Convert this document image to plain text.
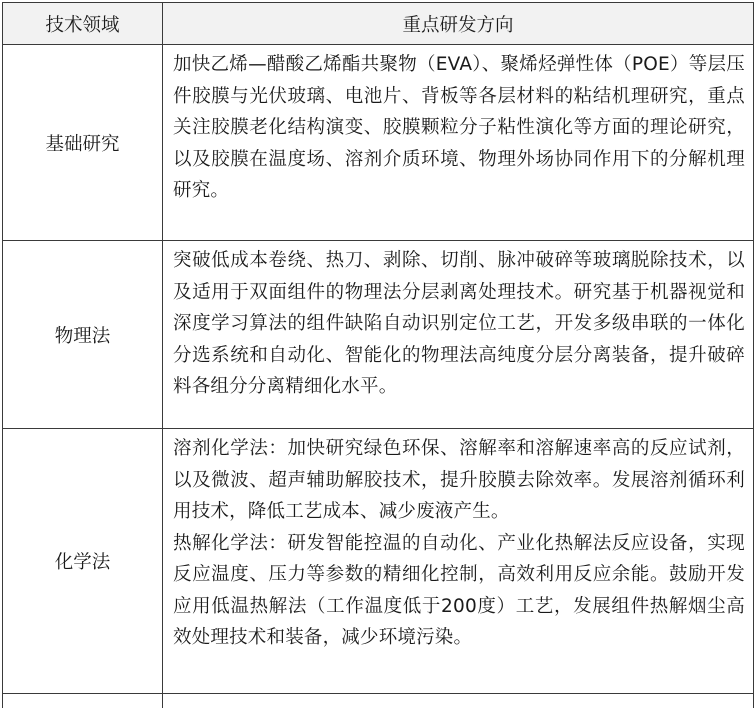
技术领域	重点研发方向
基础研究	加快乙烯—醋酸乙烯酯共聚物（EVA）、聚烯烃弹性体（POE）等层压件胶膜与光伏玻璃、电池片、背板等各层材料的粘结机理研究，重点关注胶膜老化结构演变、胶膜颗粒分子粘性演化等方面的理论研究，以及胶膜在温度场、溶剂介质环境、物理外场协同作用下的分解机理研究。

物理法	突破低成本卷绕、热刀、剥除、切削、脉冲破碎等玻璃脱除技术，以及适用于双面组件的物理法分层剥离处理技术。研究基于机器视觉和深度学习算法的组件缺陷自动识别定位工艺，开发多级串联的一体化分选系统和自动化、智能化的物理法高纯度分层分离装备，提升破碎料各组分分离精细化水平。

化学法	溶剂化学法：加快研究绿色环保、溶解率和溶解速率高的反应试剂，以及微波、超声辅助解胶技术，提升胶膜去除效率。发展溶剂循环利用技术，降低工艺成本、减少废液产生。

热解化学法：研发智能控温的自动化、产业化热解法反应设备，实现反应温度、压力等参数的精细化控制，高效利用反应余能。鼓励开发应用低温热解法（工作温度低于200度）工艺，发展组件热解烟尘高效处理技术和装备，减少环境污染。
